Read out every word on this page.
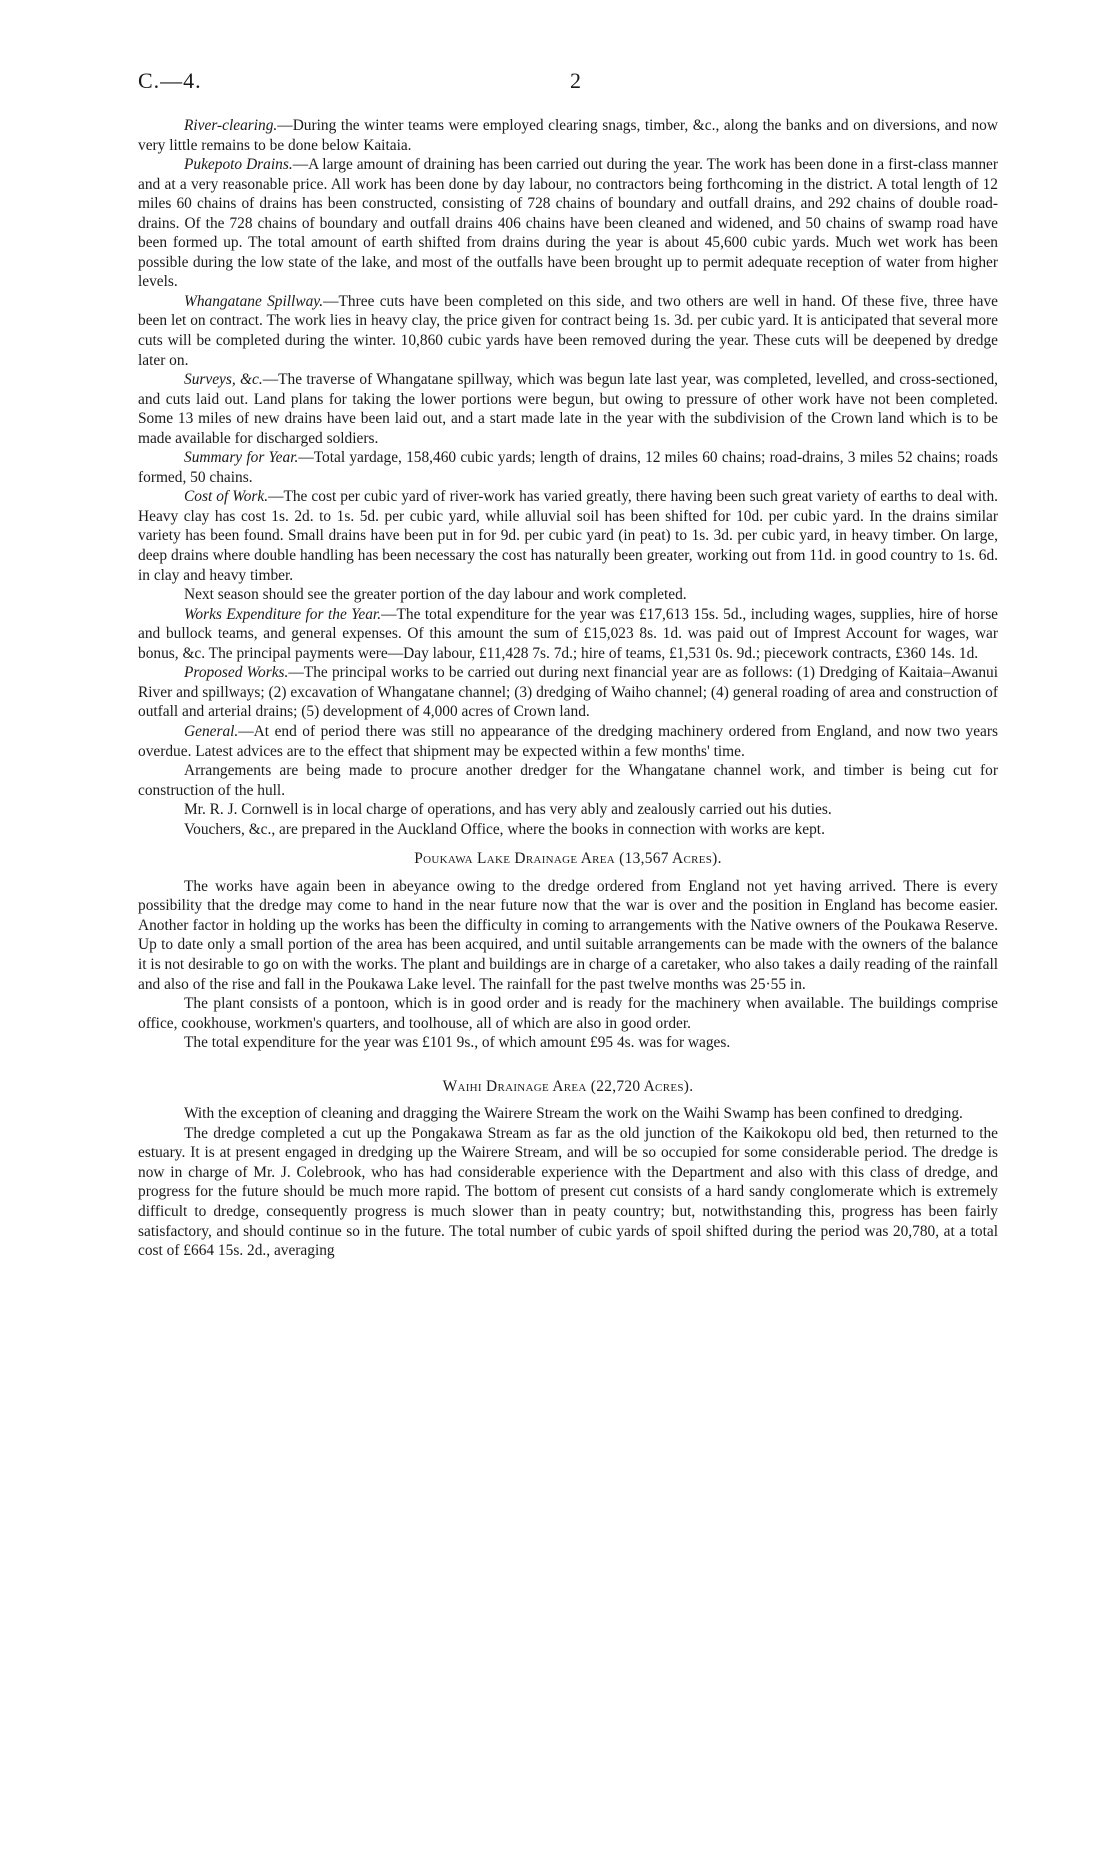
C.—4.	2

River-clearing.—During the winter teams were employed clearing snags, timber, &c., along the banks and on diversions, and now very little remains to be done below Kaitaia.

Pukepoto Drains.—A large amount of draining has been carried out during the year. The work has been done in a first-class manner and at a very reasonable price. All work has been done by day labour, no contractors being forthcoming in the district. A total length of 12 miles 60 chains of drains has been constructed, consisting of 728 chains of boundary and outfall drains, and 292 chains of double road-drains. Of the 728 chains of boundary and outfall drains 406 chains have been cleaned and widened, and 50 chains of swamp road have been formed up. The total amount of earth shifted from drains during the year is about 45,600 cubic yards. Much wet work has been possible during the low state of the lake, and most of the outfalls have been brought up to permit adequate reception of water from higher levels.

Whangatane Spillway.—Three cuts have been completed on this side, and two others are well in hand. Of these five, three have been let on contract. The work lies in heavy clay, the price given for contract being 1s. 3d. per cubic yard. It is anticipated that several more cuts will be completed during the winter. 10,860 cubic yards have been removed during the year. These cuts will be deepened by dredge later on.

Surveys, &c.—The traverse of Whangatane spillway, which was begun late last year, was completed, levelled, and cross-sectioned, and cuts laid out. Land plans for taking the lower portions were begun, but owing to pressure of other work have not been completed. Some 13 miles of new drains have been laid out, and a start made late in the year with the subdivision of the Crown land which is to be made available for discharged soldiers.

Summary for Year.—Total yardage, 158,460 cubic yards; length of drains, 12 miles 60 chains; road-drains, 3 miles 52 chains; roads formed, 50 chains.

Cost of Work.—The cost per cubic yard of river-work has varied greatly, there having been such great variety of earths to deal with. Heavy clay has cost 1s. 2d. to 1s. 5d. per cubic yard, while alluvial soil has been shifted for 10d. per cubic yard. In the drains similar variety has been found. Small drains have been put in for 9d. per cubic yard (in peat) to 1s. 3d. per cubic yard, in heavy timber. On large, deep drains where double handling has been necessary the cost has naturally been greater, working out from 11d. in good country to 1s. 6d. in clay and heavy timber.

Next season should see the greater portion of the day labour and work completed.

Works Expenditure for the Year.—The total expenditure for the year was £17,613 15s. 5d., including wages, supplies, hire of horse and bullock teams, and general expenses. Of this amount the sum of £15,023 8s. 1d. was paid out of Imprest Account for wages, war bonus, &c. The principal payments were—Day labour, £11,428 7s. 7d.; hire of teams, £1,531 0s. 9d.; piecework contracts, £360 14s. 1d.

Proposed Works.—The principal works to be carried out during next financial year are as follows: (1) Dredging of Kaitaia–Awanui River and spillways; (2) excavation of Whangatane channel; (3) dredging of Waiho channel; (4) general roading of area and construction of outfall and arterial drains; (5) development of 4,000 acres of Crown land.

General.—At end of period there was still no appearance of the dredging machinery ordered from England, and now two years overdue. Latest advices are to the effect that shipment may be expected within a few months' time.

Arrangements are being made to procure another dredger for the Whangatane channel work, and timber is being cut for construction of the hull.

Mr. R. J. Cornwell is in local charge of operations, and has very ably and zealously carried out his duties.

Vouchers, &c., are prepared in the Auckland Office, where the books in connection with works are kept.

Poukawa Lake Drainage Area (13,567 Acres).

The works have again been in abeyance owing to the dredge ordered from England not yet having arrived. There is every possibility that the dredge may come to hand in the near future now that the war is over and the position in England has become easier. Another factor in holding up the works has been the difficulty in coming to arrangements with the Native owners of the Poukawa Reserve. Up to date only a small portion of the area has been acquired, and until suitable arrangements can be made with the owners of the balance it is not desirable to go on with the works. The plant and buildings are in charge of a caretaker, who also takes a daily reading of the rainfall and also of the rise and fall in the Poukawa Lake level. The rainfall for the past twelve months was 25·55 in.

The plant consists of a pontoon, which is in good order and is ready for the machinery when available. The buildings comprise office, cookhouse, workmen's quarters, and toolhouse, all of which are also in good order.

The total expenditure for the year was £101 9s., of which amount £95 4s. was for wages.

Waihi Drainage Area (22,720 Acres).

With the exception of cleaning and dragging the Wairere Stream the work on the Waihi Swamp has been confined to dredging.

The dredge completed a cut up the Pongakawa Stream as far as the old junction of the Kaikokopu old bed, then returned to the estuary. It is at present engaged in dredging up the Wairere Stream, and will be so occupied for some considerable period. The dredge is now in charge of Mr. J. Colebrook, who has had considerable experience with the Department and also with this class of dredge, and progress for the future should be much more rapid. The bottom of present cut consists of a hard sandy conglomerate which is extremely difficult to dredge, consequently progress is much slower than in peaty country; but, notwithstanding this, progress has been fairly satisfactory, and should continue so in the future. The total number of cubic yards of spoil shifted during the period was 20,780, at a total cost of £664 15s. 2d., averaging
